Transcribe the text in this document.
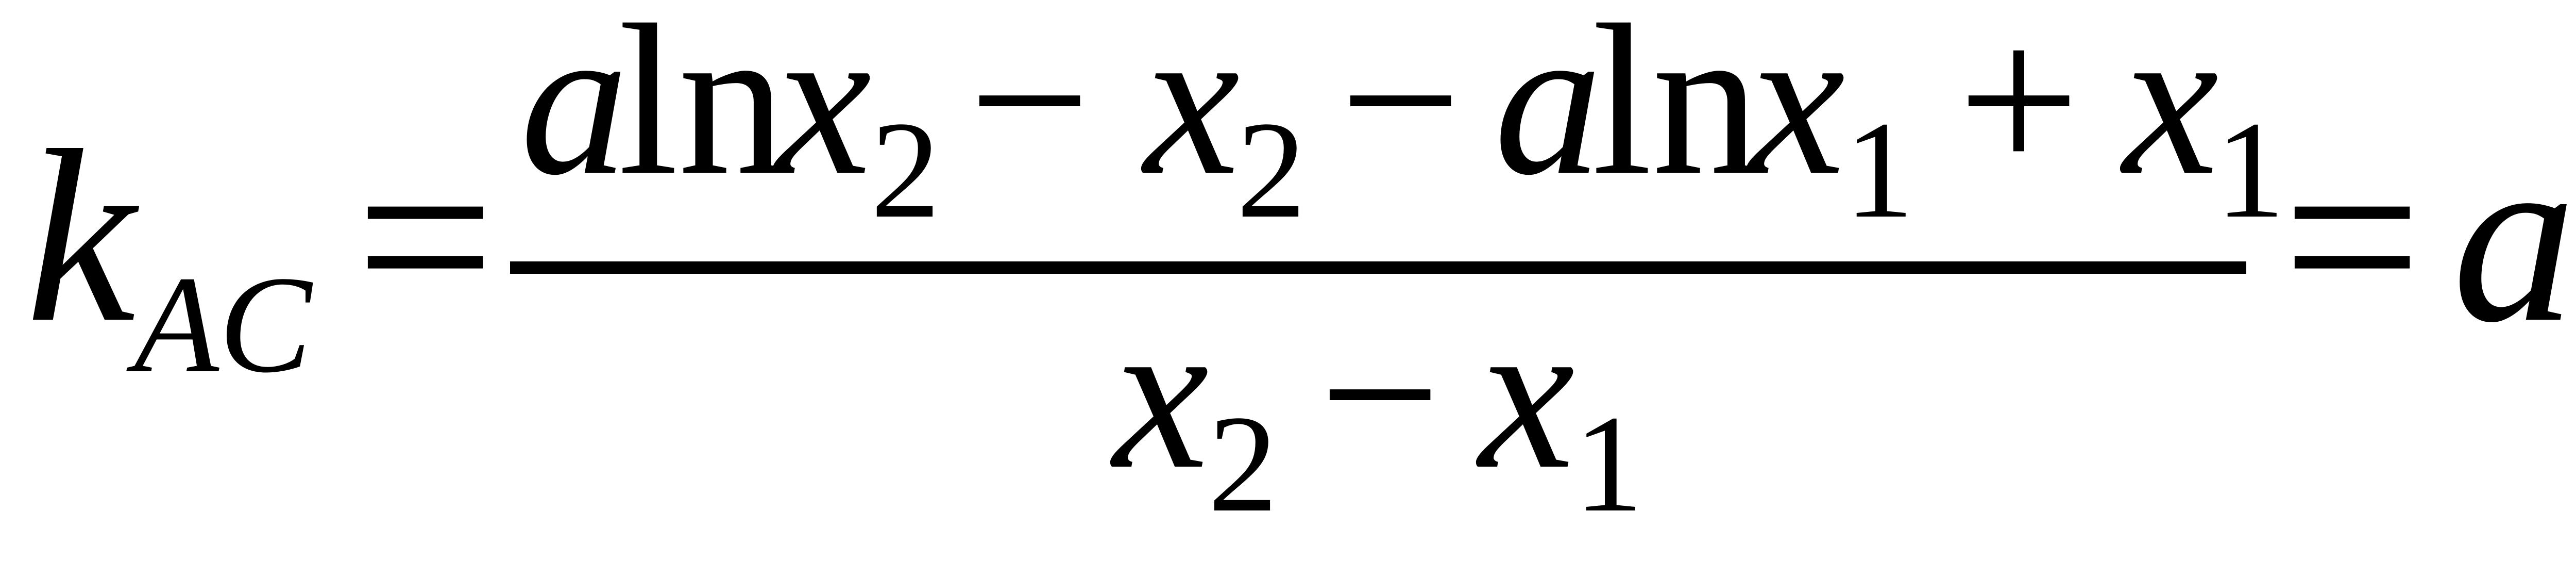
k
AC = a
ln
x
2 − x
2 − a
ln
x
1 + x
1
x
2 − x
1
= a
